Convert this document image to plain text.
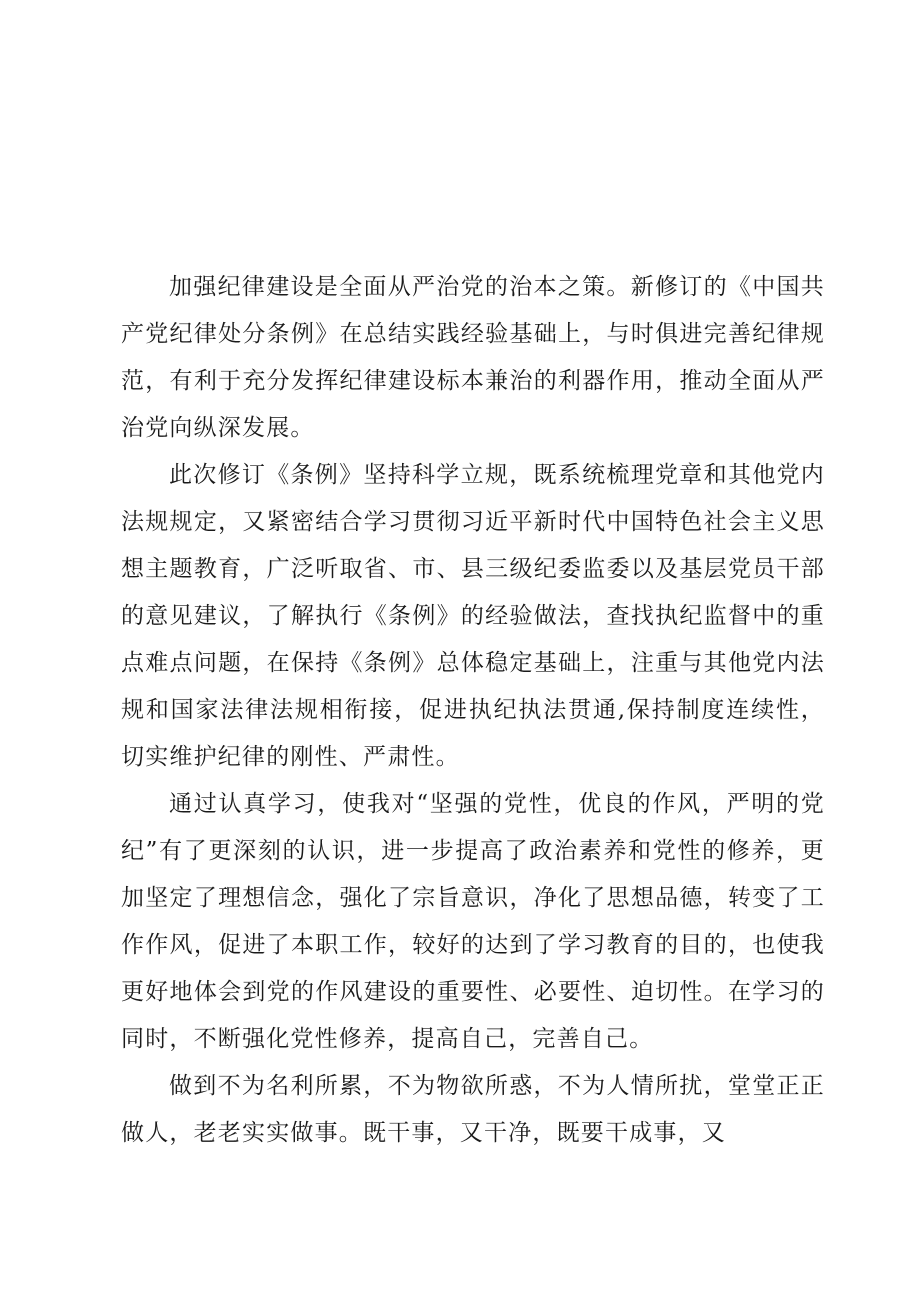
加强纪律建设是全面从严治党的治本之策。新修订的《中国共产党纪律处分条例》在总结实践经验基础上，与时俱进完善纪律规范，有利于充分发挥纪律建设标本兼治的利器作用，推动全面从严治党向纵深发展。

此次修订《条例》坚持科学立规，既系统梳理党章和其他党内法规规定，又紧密结合学习贯彻习近平新时代中国特色社会主义思想主题教育，广泛听取省、市、县三级纪委监委以及基层党员干部的意见建议，了解执行《条例》的经验做法，查找执纪监督中的重点难点问题，在保持《条例》总体稳定基础上，注重与其他党内法规和国家法律法规相衔接，促进执纪执法贯通,保持制度连续性，切实维护纪律的刚性、严肃性。

通过认真学习，使我对“坚强的党性，优良的作风，严明的党纪”有了更深刻的认识，进一步提高了政治素养和党性的修养，更加坚定了理想信念，强化了宗旨意识，净化了思想品德，转变了工作作风，促进了本职工作，较好的达到了学习教育的目的，也使我更好地体会到党的作风建设的重要性、必要性、迫切性。在学习的同时，不断强化党性修养，提高自己，完善自己。

做到不为名利所累，不为物欲所惑，不为人情所扰，堂堂正正做人，老老实实做事。既干事，又干净，既要干成事，又
